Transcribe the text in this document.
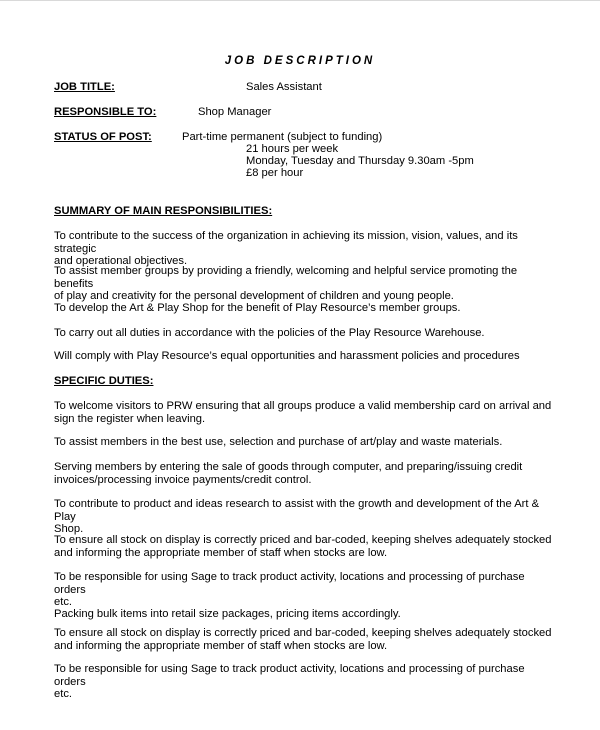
JOB DESCRIPTION
JOB TITLE:	Sales Assistant
RESPONSIBLE TO:	Shop Manager
STATUS OF POST:	Part-time permanent (subject to funding)
21 hours per week
Monday, Tuesday and Thursday 9.30am -5pm
£8 per hour
SUMMARY OF MAIN RESPONSIBILITIES:
To contribute to the success of the organization in achieving its mission, vision, values, and its strategic
and operational objectives.
To assist member groups by providing a friendly, welcoming and helpful service promoting the benefits
of play and creativity for the personal development of children and young people.
To develop the Art & Play Shop for the benefit of Play Resource’s member groups.
To carry out all duties in accordance with the policies of the Play Resource Warehouse.
Will comply with Play Resource’s equal opportunities and harassment policies and procedures
SPECIFIC DUTIES:
To welcome visitors to PRW ensuring that all groups produce a valid membership card on arrival and
sign the register when leaving.
To assist members in the best use, selection and purchase of art/play and waste materials.
Serving members by entering the sale of goods through computer, and preparing/issuing credit
invoices/processing invoice payments/credit control.
To contribute to product and ideas research to assist with the growth and development of the Art & Play
Shop.
To ensure all stock on display is correctly priced and bar-coded, keeping shelves adequately stocked
and informing the appropriate member of staff when stocks are low.
To be responsible for using Sage to track product activity, locations and processing of purchase orders
etc.
Packing bulk items into retail size packages, pricing items accordingly.
To ensure all stock on display is correctly priced and bar-coded, keeping shelves adequately stocked
and informing the appropriate member of staff when stocks are low.
To be responsible for using Sage to track product activity, locations and processing of purchase orders
etc.
